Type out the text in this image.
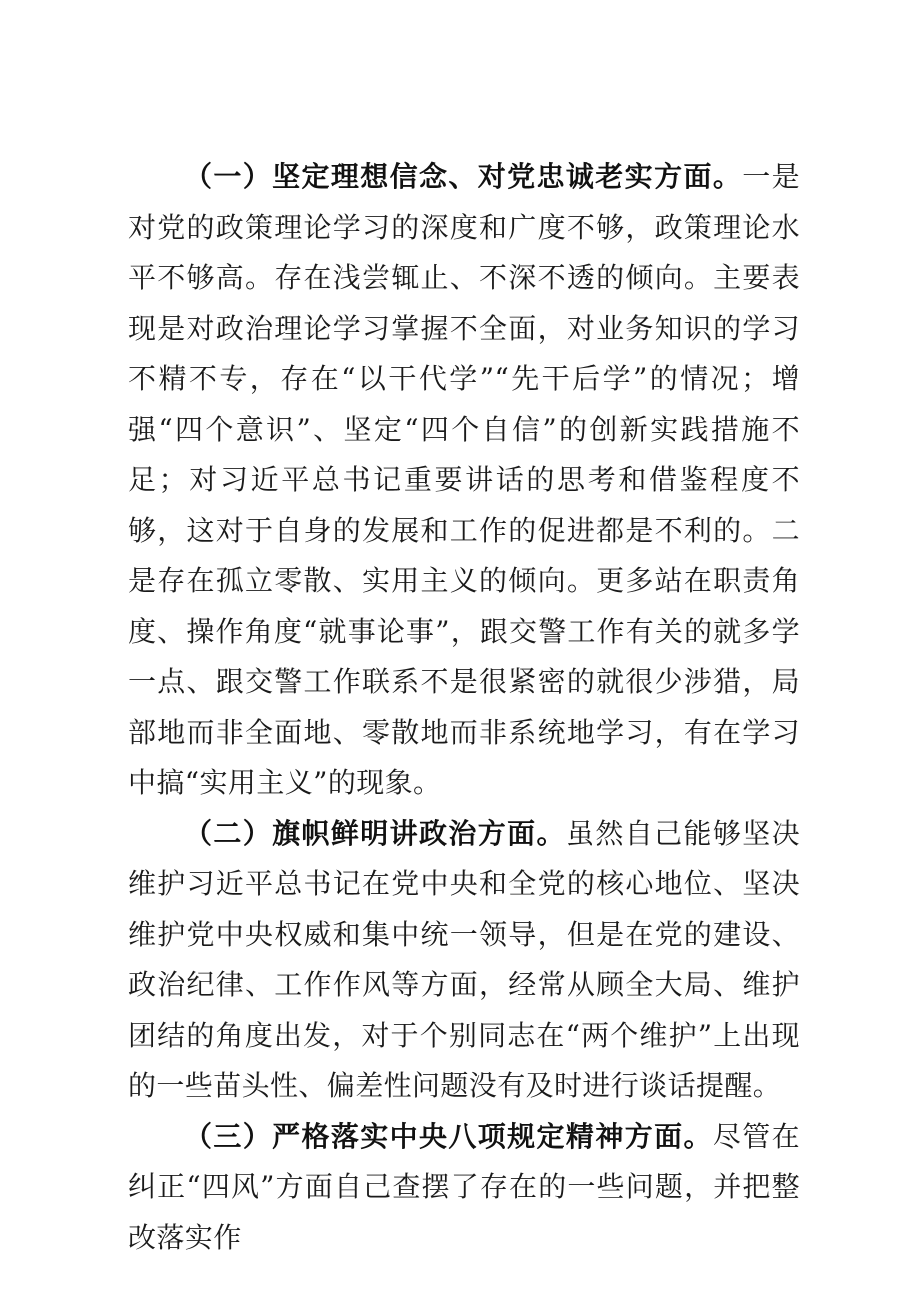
（一）坚定理想信念、对党忠诚老实方面。一是对党的政策理论学习的深度和广度不够，政策理论水平不够高。存在浅尝辄止、不深不透的倾向。主要表现是对政治理论学习掌握不全面，对业务知识的学习不精不专，存在“以干代学”“先干后学”的情况；增强“四个意识”、坚定“四个自信”的创新实践措施不足；对习近平总书记重要讲话的思考和借鉴程度不够，这对于自身的发展和工作的促进都是不利的。二是存在孤立零散、实用主义的倾向。更多站在职责角度、操作角度“就事论事”，跟交警工作有关的就多学一点、跟交警工作联系不是很紧密的就很少涉猎，局部地而非全面地、零散地而非系统地学习，有在学习中搞“实用主义”的现象。

（二）旗帜鲜明讲政治方面。虽然自己能够坚决维护习近平总书记在党中央和全党的核心地位、坚决维护党中央权威和集中统一领导，但是在党的建设、政治纪律、工作作风等方面，经常从顾全大局、维护团结的角度出发，对于个别同志在“两个维护”上出现的一些苗头性、偏差性问题没有及时进行谈话提醒。

（三）严格落实中央八项规定精神方面。尽管在纠正“四风”方面自己查摆了存在的一些问题，并把整改落实作
